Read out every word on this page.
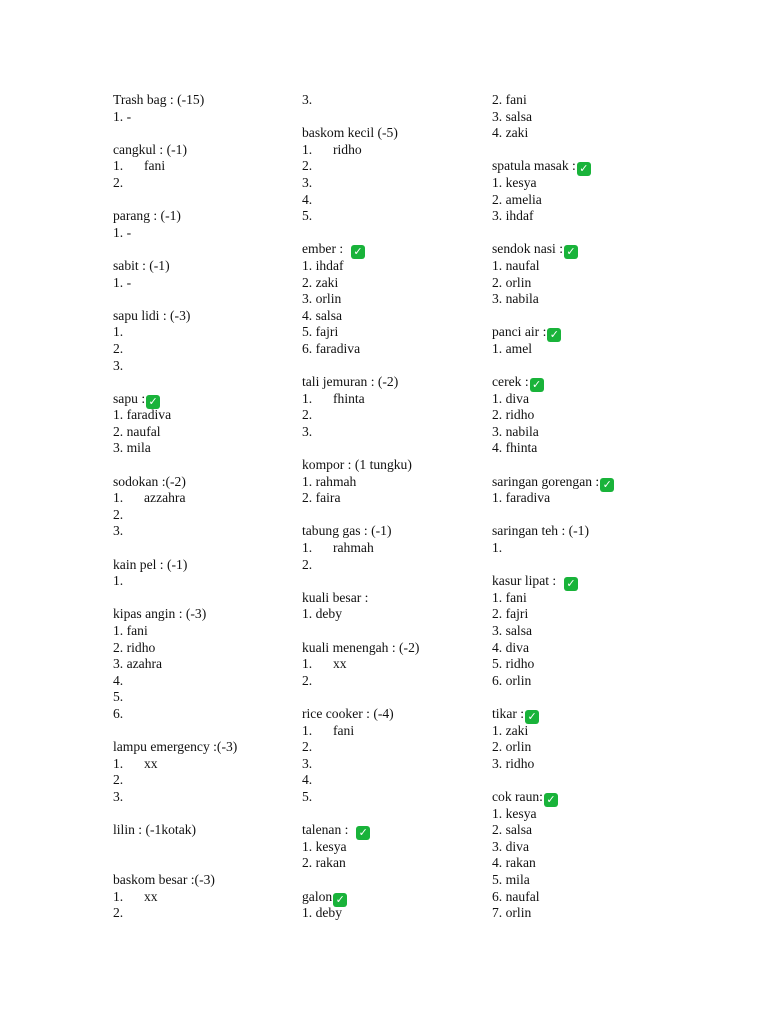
Trash bag : (-15)
1. -
cangkul : (-1)
1.	fani
2.
parang : (-1)
1. -
sabit : (-1)
1. -
sapu lidi : (-3)
1.
2.
3.
sapu : ✓
1. faradiva
2. naufal
3. mila
sodokan :(-2)
1.	azzahra
2.
3.
kain pel : (-1)
1.
kipas angin : (-3)
1. fani
2. ridho
3. azahra
4.
5.
6.
lampu emergency :(-3)
1.	xx
2.
3.
lilin : (-1kotak)
baskom besar :(-3)
1.	xx
2.
3.
baskom kecil (-5)
1.	ridho
2.
3.
4.
5.
ember :  ✓
1. ihdaf
2. zaki
3. orlin
4. salsa
5. fajri
6. faradiva
tali jemuran : (-2)
1.	fhinta
2.
3.
kompor : (1 tungku)
1. rahmah
2. faira
tabung gas : (-1)
1.	rahmah
2.
kuali besar :
1. deby
kuali menengah : (-2)
1.	xx
2.
rice cooker : (-4)
1.	fani
2.
3.
4.
5.
talenan :  ✓
1. kesya
2. rakan
galon ✓
1. deby
2. fani
3. salsa
4. zaki
spatula masak : ✓
1. kesya
2. amelia
3. ihdaf
sendok nasi : ✓
1. naufal
2. orlin
3. nabila
panci air : ✓
1. amel
cerek : ✓
1. diva
2. ridho
3. nabila
4. fhinta
saringan gorengan : ✓
1. faradiva
saringan teh : (-1)
1.
kasur lipat :  ✓
1. fani
2. fajri
3. salsa
4. diva
5. ridho
6. orlin
tikar : ✓
1. zaki
2. orlin
3. ridho
cok raun: ✓
1. kesya
2. salsa
3. diva
4. rakan
5. mila
6. naufal
7. orlin
